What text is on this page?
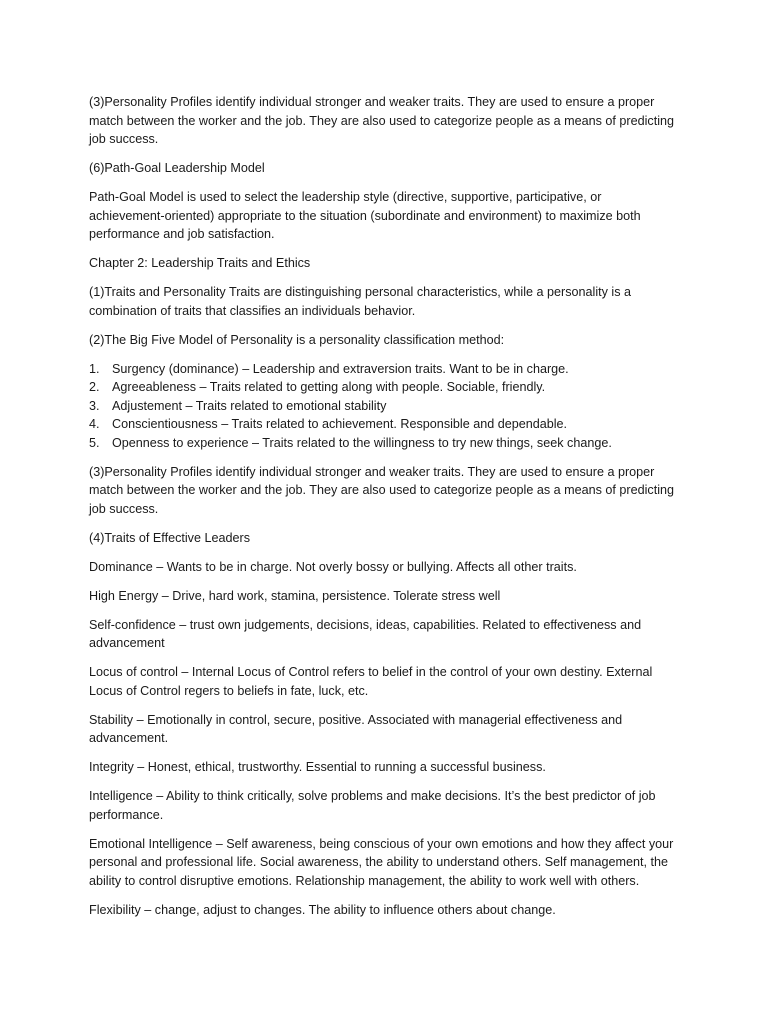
(3)Personality Profiles identify individual stronger and weaker traits. They are used to ensure a proper match between the worker and the job. They are also used to categorize people as a means of predicting job success.

(6)Path-Goal Leadership Model

Path-Goal Model is used to select the leadership style (directive, supportive, participative, or achievement-oriented) appropriate to the situation (subordinate and environment) to maximize both performance and job satisfaction.

Chapter 2: Leadership Traits and Ethics

(1)Traits and Personality Traits are distinguishing personal characteristics, while a personality is a combination of traits that classifies an individuals behavior.

(2)The Big Five Model of Personality is a personality classification method:

1. Surgency (dominance) – Leadership and extraversion traits. Want to be in charge.
2. Agreeableness – Traits related to getting along with people. Sociable, friendly.
3. Adjustement – Traits related to emotional stability
4. Conscientiousness – Traits related to achievement. Responsible and dependable.
5. Openness to experience – Traits related to the willingness to try new things, seek change.

(3)Personality Profiles identify individual stronger and weaker traits. They are used to ensure a proper match between the worker and the job. They are also used to categorize people as a means of predicting job success.

(4)Traits of Effective Leaders

Dominance – Wants to be in charge. Not overly bossy or bullying. Affects all other traits.

High Energy – Drive, hard work, stamina, persistence. Tolerate stress well

Self-confidence – trust own judgements, decisions, ideas, capabilities. Related to effectiveness and advancement

Locus of control – Internal Locus of Control refers to belief in the control of your own destiny. External Locus of Control regers to beliefs in fate, luck, etc.

Stability – Emotionally in control, secure, positive. Associated with managerial effectiveness and advancement.

Integrity – Honest, ethical, trustworthy. Essential to running a successful business.

Intelligence – Ability to think critically, solve problems and make decisions. It’s the best predictor of job performance.

Emotional Intelligence – Self awareness, being conscious of your own emotions and how they affect your personal and professional life. Social awareness, the ability to understand others. Self management, the ability to control disruptive emotions. Relationship management, the ability to work well with others.

Flexibility – change, adjust to changes. The ability to influence others about change.
